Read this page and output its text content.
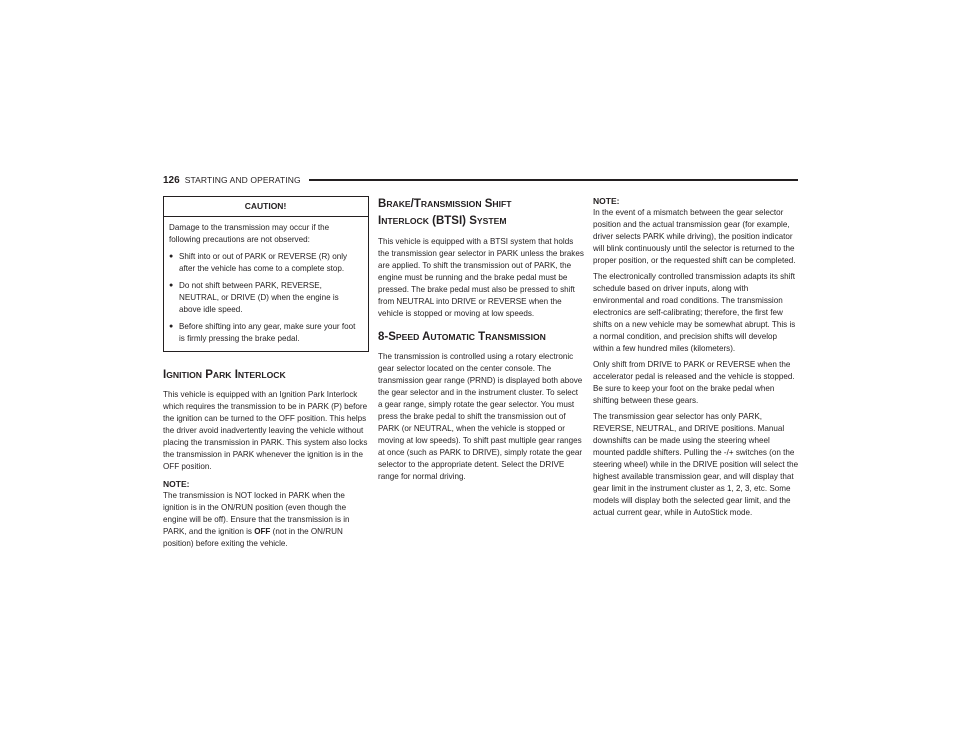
126 STARTING AND OPERATING
CAUTION!

Damage to the transmission may occur if the following precautions are not observed:

● Shift into or out of PARK or REVERSE (R) only after the vehicle has come to a complete stop.
● Do not shift between PARK, REVERSE, NEUTRAL, or DRIVE (D) when the engine is above idle speed.
● Before shifting into any gear, make sure your foot is firmly pressing the brake pedal.
IGNITION PARK INTERLOCK

This vehicle is equipped with an Ignition Park Interlock which requires the transmission to be in PARK (P) before the ignition can be turned to the OFF position. This helps the driver avoid inadvertently leaving the vehicle without placing the transmission in PARK. This system also locks the transmission in PARK whenever the ignition is in the OFF position.

NOTE:

The transmission is NOT locked in PARK when the ignition is in the ON/RUN position (even though the engine will be off). Ensure that the transmission is in PARK, and the ignition is OFF (not in the ON/RUN position) before exiting the vehicle.

BRAKE/TRANSMISSION SHIFT
INTERLOCK (BTSI) SYSTEM

This vehicle is equipped with a BTSI system that holds the transmission gear selector in PARK unless the brakes are applied. To shift the transmission out of PARK, the engine must be running and the brake pedal must be pressed. The brake pedal must also be pressed to shift from NEUTRAL into DRIVE or REVERSE when the vehicle is stopped or moving at low speeds.

8-SPEED AUTOMATIC TRANSMISSION

The transmission is controlled using a rotary electronic gear selector located on the center console. The transmission gear range (PRND) is displayed both above the gear selector and in the instrument cluster. To select a gear range, simply rotate the gear selector. You must press the brake pedal to shift the transmission out of PARK (or NEUTRAL, when the vehicle is stopped or moving at low speeds). To shift past multiple gear ranges at once (such as PARK to DRIVE), simply rotate the gear selector to the appropriate detent. Select the DRIVE range for normal driving.

NOTE:

In the event of a mismatch between the gear selector position and the actual transmission gear (for example, driver selects PARK while driving), the position indicator will blink continuously until the selector is returned to the proper position, or the requested shift can be completed.

The electronically controlled transmission adapts its shift schedule based on driver inputs, along with environmental and road conditions. The transmission electronics are self-calibrating; therefore, the first few shifts on a new vehicle may be somewhat abrupt. This is a normal condition, and precision shifts will develop within a few hundred miles (kilometers).

Only shift from DRIVE to PARK or REVERSE when the accelerator pedal is released and the vehicle is stopped. Be sure to keep your foot on the brake pedal when shifting between these gears.

The transmission gear selector has only PARK, REVERSE, NEUTRAL, and DRIVE positions. Manual downshifts can be made using the steering wheel mounted paddle shifters. Pulling the -/+ switches (on the steering wheel) while in the DRIVE position will select the highest available transmission gear, and will display that gear limit in the instrument cluster as 1, 2, 3, etc. Some models will display both the selected gear limit, and the actual current gear, while in AutoStick mode.
